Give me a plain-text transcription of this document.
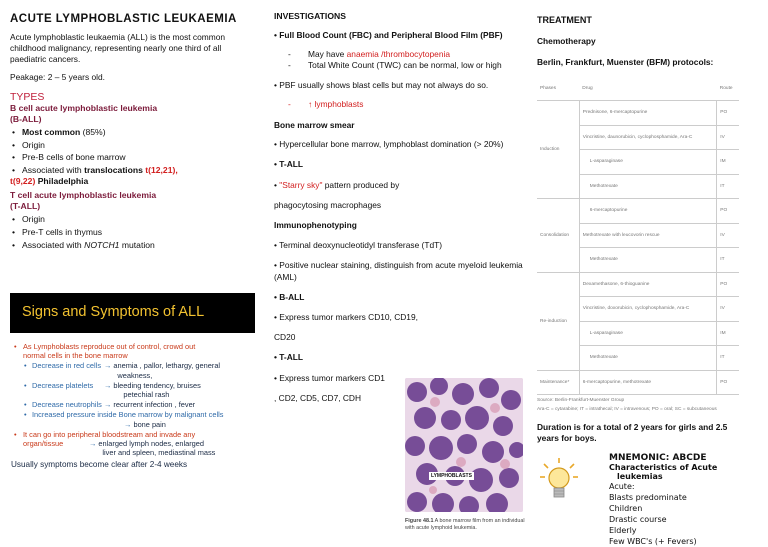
ACUTE LYMPHOBLASTIC LEUKAEMIA

Acute lymphoblastic leukaemia (ALL) is the most common childhood malignancy, representing nearly one third of all paediatric cancers.

Peakage: 2 – 5 years old.

TYPES
B cell acute lymphoblastic leukemia
(B-ALL)
• Most common (85%)
• Origin
• Pre-B cells of bone marrow
• Associated with translocations t(12,21),
t(9,22) Philadelphia
T cell acute lymphoblastic leukemia
(T-ALL)
• Origin
• Pre-T cells in thymus
• Associated with NOTCH1 mutation
Signs and Symptoms of ALL
• As Lymphoblasts reproduce out of control, crowd out
normal cells in the bone marrow
• Decrease in red cells → anemia , pallor, lethargy, general
weakness,
• Decrease platelets	→ bleeding tendency, bruises
petechial rash
• Decrease neutrophils → recurrent infection , fever
• Increased pressure inside Bone marrow by malignant cells
→ bone pain
• It can go into peripheral bloodstream and invade any
organ/tissue	→ enlarged lymph nodes, enlarged
liver and spleen, mediastinal mass
Usually symptoms become clear after 2-4 weeks
INVESTIGATIONS
• Full Blood Count (FBC) and Peripheral Blood Film (PBF)
- May have anaemia /thrombocytopenia
- Total White Count (TWC) can be normal, low or high
• PBF usually shows blast cells but may not always do so.
- ↑ lymphoblasts
Bone marrow smear
• Hypercellular bone marrow, lymphoblast domination (> 20%)
• T-ALL
• "Starry sky" pattern produced by
phagocytosing macrophages
Immunophenotyping
• Terminal deoxynucleotidyl transferase (TdT)
• Positive nuclear staining, distinguish from acute myeloid leukemia (AML)
• B-ALL
• Express tumor markers CD10, CD19,
CD20
• T-ALL
• Express tumor markers CD1
, CD2, CD5, CD7, CDH
LYMPHOBLASTS
Figure 48.1 A bone marrow film from an individual with acute lymphoid leukemia.
TREATMENT
Chemotherapy
Berlin, Frankfurt, Muenster (BFM) protocols:
Phases	Drug	Route
Induction	Prednisone, 6-mercaptopurine	PO
	Vincristine, daunorubicin, cyclophosphamide, Ara-C	IV
	L-asparaginase	IM
	Methotrexate	IT
Consolidation	6-mercaptopurine	PO
	Methotrexate with leucovorin rescue	IV
	Methotrexate	IT
Re-induction	Dexamethasone, 6-thioguanine	PO
	Vincristine, doxorubicin, cyclophosphamide, Ara-C	IV
	L-asparaginase	IM
	Methotrexate	IT
Maintenance*	6-mercaptopurine, methotrexate	PO
Source: Berlin-Frankfurt-Muenster Group
Ara-C = cytarabine; IT = intrathecal; IV = intravenous; PO = oral; SC = subcutaneous
Duration is for a total of 2 years for girls and 2.5 years for boys.
MNEMONIC: ABCDE
Characteristics of Acute
leukemias
Acute:
Blasts predominate
Children
Drastic course
Elderly
Few WBC's (+ Fevers)
